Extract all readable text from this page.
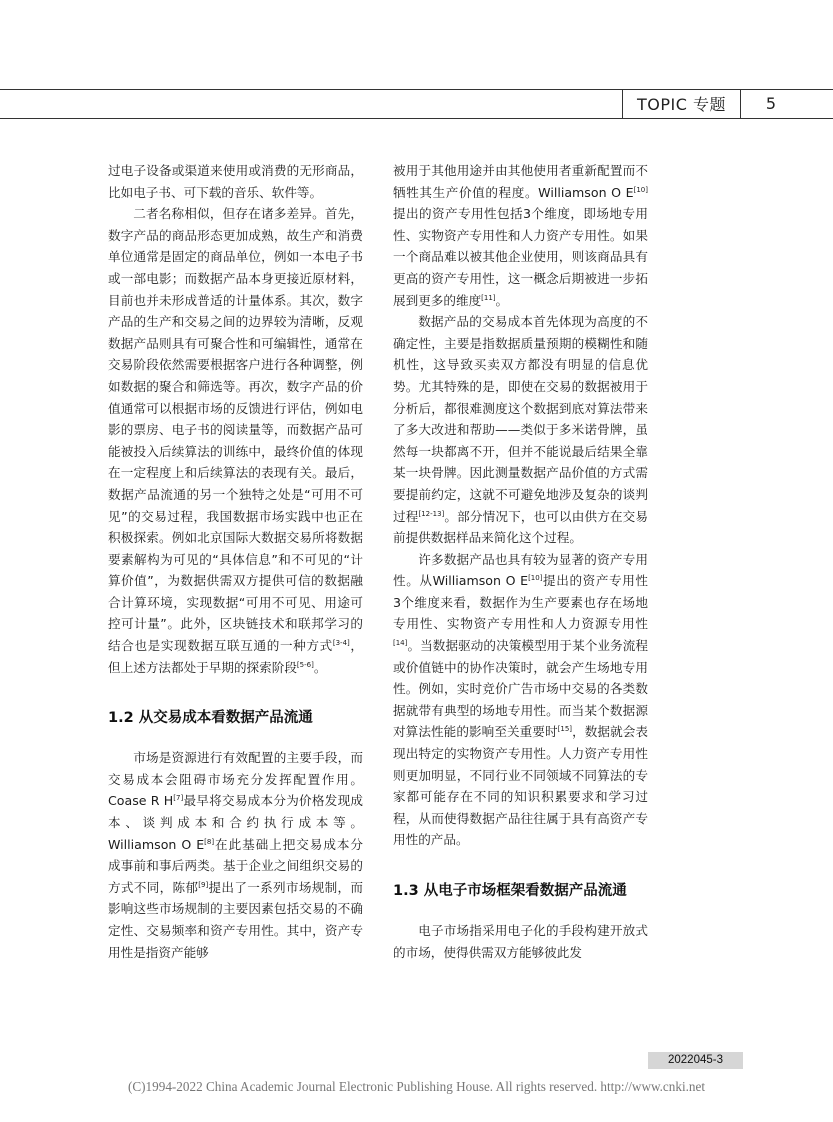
TOPIC 专题	5

过电子设备或渠道来使用或消费的无形商品，比如电子书、可下载的音乐、软件等。

二者名称相似，但存在诸多差异。首先，数字产品的商品形态更加成熟，故生产和消费单位通常是固定的商品单位，例如一本电子书或一部电影；而数据产品本身更接近原材料，目前也并未形成普适的计量体系。其次，数字产品的生产和交易之间的边界较为清晰，反观数据产品则具有可聚合性和可编辑性，通常在交易阶段依然需要根据客户进行各种调整，例如数据的聚合和筛选等。再次，数字产品的价值通常可以根据市场的反馈进行评估，例如电影的票房、电子书的阅读量等，而数据产品可能被投入后续算法的训练中，最终价值的体现在一定程度上和后续算法的表现有关。最后，数据产品流通的另一个独特之处是“可用不可见”的交易过程，我国数据市场实践中也正在积极探索。例如北京国际大数据交易所将数据要素解构为可见的“具体信息”和不可见的“计算价值”，为数据供需双方提供可信的数据融合计算环境，实现数据“可用不可见、用途可控可计量”。此外，区块链技术和联邦学习的结合也是实现数据互联互通的一种方式[3-4]，但上述方法都处于早期的探索阶段[5-6]。

1.2 从交易成本看数据产品流通

市场是资源进行有效配置的主要手段，而交易成本会阻碍市场充分发挥配置作用。Coase R H[7]最早将交易成本分为价格发现成本、谈判成本和合约执行成本等。Williamson O E[8]在此基础上把交易成本分成事前和事后两类。基于企业之间组织交易的方式不同，陈郁[9]提出了一系列市场规制，而影响这些市场规制的主要因素包括交易的不确定性、交易频率和资产专用性。其中，资产专用性是指资产能够

被用于其他用途并由其他使用者重新配置而不牺牲其生产价值的程度。Williamson O E[10]提出的资产专用性包括3个维度，即场地专用性、实物资产专用性和人力资产专用性。如果一个商品难以被其他企业使用，则该商品具有更高的资产专用性，这一概念后期被进一步拓展到更多的维度[11]。

数据产品的交易成本首先体现为高度的不确定性，主要是指数据质量预期的模糊性和随机性，这导致买卖双方都没有明显的信息优势。尤其特殊的是，即使在交易的数据被用于分析后，都很难测度这个数据到底对算法带来了多大改进和帮助——类似于多米诺骨牌，虽然每一块都离不开，但并不能说最后结果全靠某一块骨牌。因此测量数据产品价值的方式需要提前约定，这就不可避免地涉及复杂的谈判过程[12-13]。部分情况下，也可以由供方在交易前提供数据样品来简化这个过程。

许多数据产品也具有较为显著的资产专用性。从Williamson O E[10]提出的资产专用性3个维度来看，数据作为生产要素也存在场地专用性、实物资产专用性和人力资源专用性[14]。当数据驱动的决策模型用于某个业务流程或价值链中的协作决策时，就会产生场地专用性。例如，实时竞价广告市场中交易的各类数据就带有典型的场地专用性。而当某个数据源对算法性能的影响至关重要时[15]，数据就会表现出特定的实物资产专用性。人力资产专用性则更加明显，不同行业不同领域不同算法的专家都可能存在不同的知识积累要求和学习过程，从而使得数据产品往往属于具有高资产专用性的产品。

1.3 从电子市场框架看数据产品流通

电子市场指采用电子化的手段构建开放式的市场，使得供需双方能够彼此发

2022045-3
(C)1994-2022 China Academic Journal Electronic Publishing House. All rights reserved. http://www.cnki.net
